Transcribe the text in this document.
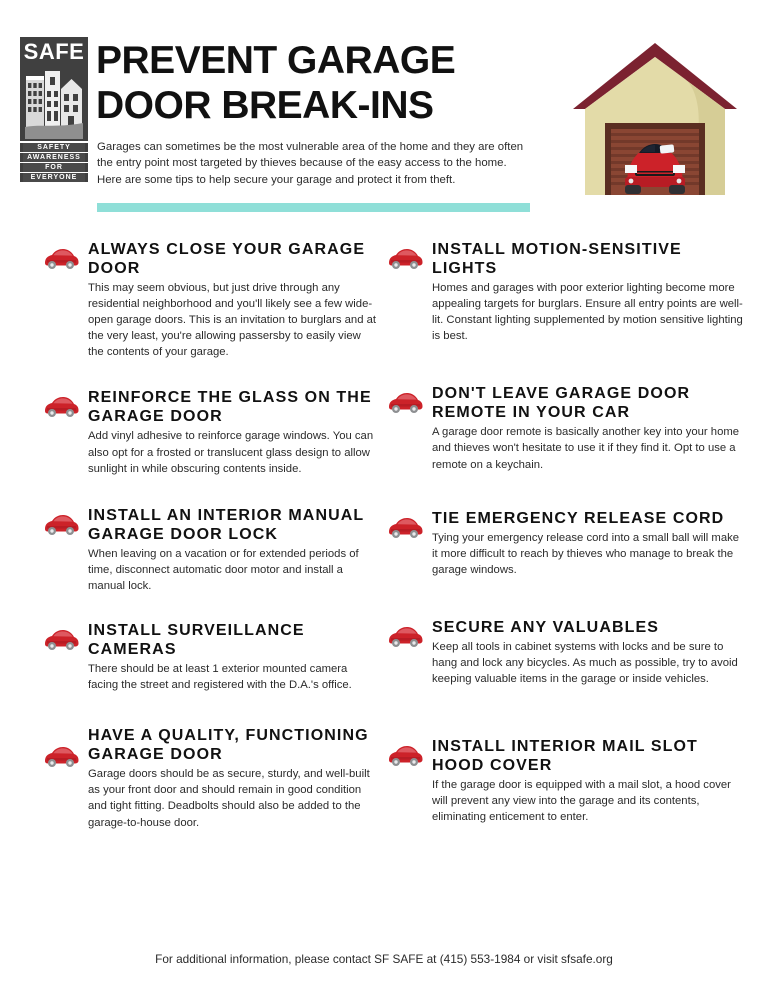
SAFE
SAFETY
AWARENESS
FOR
EVERYONE
PREVENT GARAGE
DOOR BREAK-INS
Garages can sometimes be the most vulnerable area of the home and they are often the entry point most targeted by thieves because of the easy access to the home. Here are some tips to help secure your garage and protect it from theft.

ALWAYS CLOSE YOUR GARAGE DOOR

This may seem obvious, but just drive through any residential neighborhood and you'll likely see a few wide-open garage doors. This is an invitation to burglars and at the very least, you're allowing passersby to easily view the contents of your garage.

REINFORCE THE GLASS ON THE GARAGE DOOR

Add vinyl adhesive to reinforce garage windows. You can also opt for a frosted or translucent glass design to allow sunlight in while obscuring contents inside.

INSTALL AN INTERIOR MANUAL GARAGE DOOR LOCK

When leaving on a vacation or for extended periods of time, disconnect automatic door motor and install a manual lock.

INSTALL SURVEILLANCE CAMERAS

There should be at least 1 exterior mounted camera facing the street and registered with the D.A.'s office.

HAVE A QUALITY, FUNCTIONING GARAGE DOOR

Garage doors should be as secure, sturdy, and well-built as your front door and should remain in good condition and tight fitting. Deadbolts should also be added to the garage-to-house door.

INSTALL MOTION-SENSITIVE LIGHTS

Homes and garages with poor exterior lighting become more appealing targets for burglars. Ensure all entry points are well-lit. Constant lighting supplemented by motion sensitive lighting is best.

DON'T LEAVE GARAGE DOOR REMOTE IN YOUR CAR

A garage door remote is basically another key into your home and thieves won't hesitate to use it if they find it. Opt to use a remote on a keychain.

TIE EMERGENCY RELEASE CORD

Tying your emergency release cord into a small ball will make it more difficult to reach by thieves who manage to break the garage windows.

SECURE ANY VALUABLES

Keep all tools in cabinet systems with locks and be sure to hang and lock any bicycles. As much as possible, try to avoid keeping valuable items in the garage or inside vehicles.

INSTALL INTERIOR MAIL SLOT HOOD COVER

If the garage door is equipped with a mail slot, a hood cover will prevent any view into the garage and its contents, eliminating enticement to enter.

For additional information, please contact SF SAFE at (415) 553-1984 or visit sfsafe.org
